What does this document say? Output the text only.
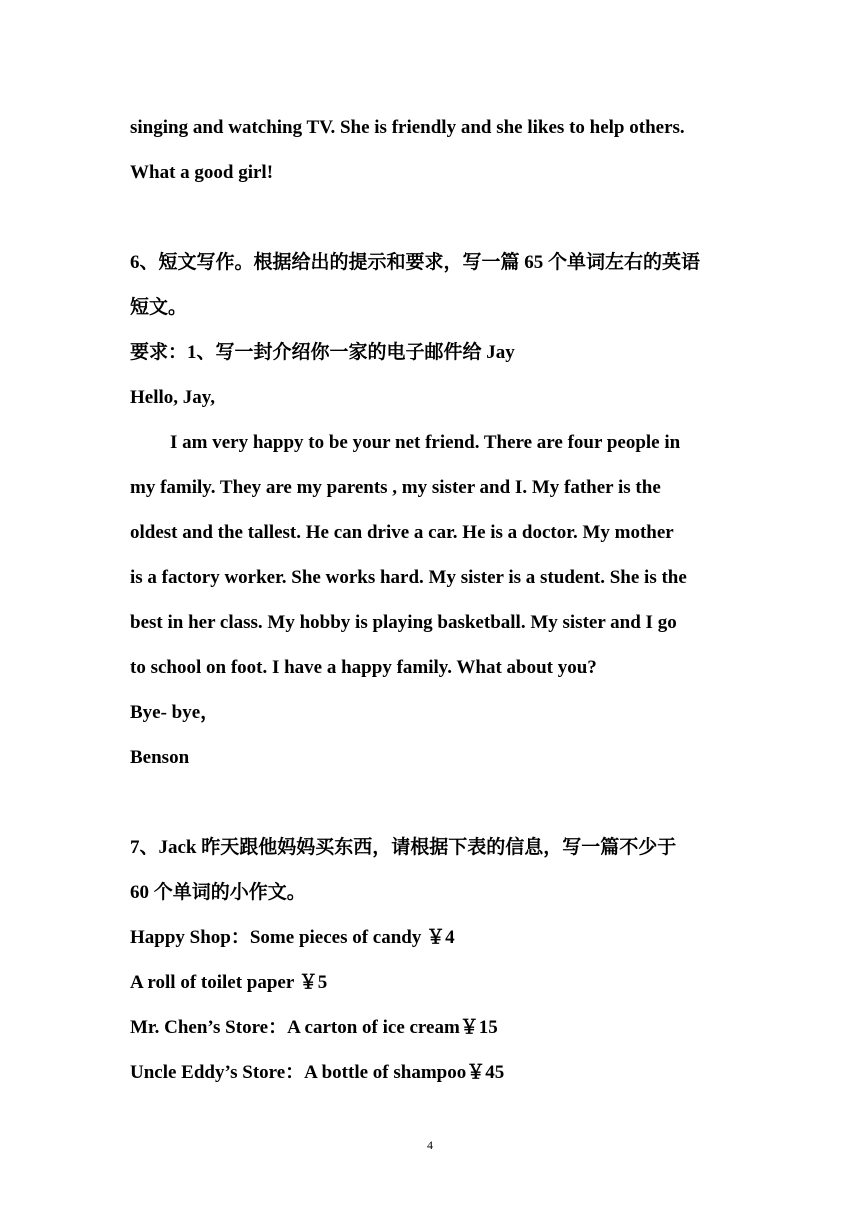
singing and watching TV. She is friendly and she likes to help others.
What a good girl!
6、短文写作。根据给出的提示和要求，写一篇 65 个单词左右的英语
短文。
要求：1、写一封介绍你一家的电子邮件给 Jay
Hello, Jay,
I am very happy to be your net friend. There are four people in
my family. They are my parents , my sister and I. My father is the
oldest and the tallest. He can drive a car. He is a doctor. My mother
is a factory worker. She works hard. My sister is a student. She is the
best in her class. My hobby is playing basketball. My sister and I go
to school on foot. I have a happy family. What about you?
Bye- bye，
Benson
7、Jack 昨天跟他妈妈买东西，请根据下表的信息，写一篇不少于
60 个单词的小作文。
Happy Shop：Some pieces of candy ￥4
A roll of toilet paper ￥5
Mr. Chen’s Store：A carton of ice cream￥15
Uncle Eddy’s Store：A bottle of shampoo￥45
4
